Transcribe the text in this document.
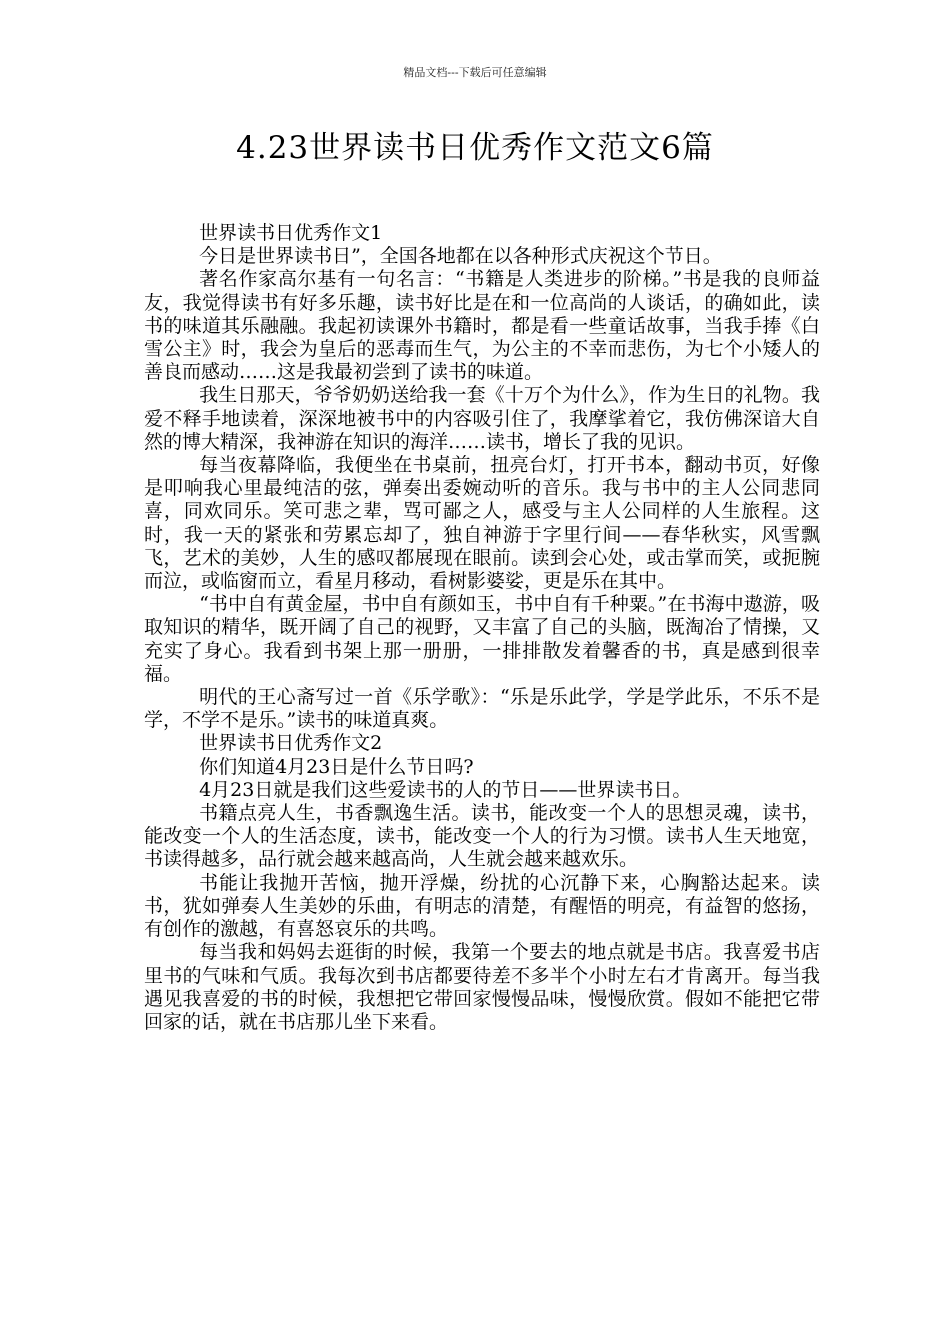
精品文档---下载后可任意编辑
4.23世界读书日优秀作文范文6篇

世界读书日优秀作文1

今日是世界读书日”，全国各地都在以各种形式庆祝这个节日。

著名作家高尔基有一句名言：“书籍是人类进步的阶梯。”书是我的良师益友，我觉得读书有好多乐趣，读书好比是在和一位高尚的人谈话，的确如此，读书的味道其乐融融。我起初读课外书籍时，都是看一些童话故事，当我手捧《白雪公主》时，我会为皇后的恶毒而生气，为公主的不幸而悲伤，为七个小矮人的善良而感动……这是我最初尝到了读书的味道。

我生日那天，爷爷奶奶送给我一套《十万个为什么》，作为生日的礼物。我爱不释手地读着，深深地被书中的内容吸引住了，我摩挲着它，我仿佛深谙大自然的博大精深，我神游在知识的海洋……读书，增长了我的见识。

每当夜幕降临，我便坐在书桌前，扭亮台灯，打开书本，翻动书页，好像是叩响我心里最纯洁的弦，弹奏出委婉动听的音乐。我与书中的主人公同悲同喜，同欢同乐。笑可悲之辈，骂可鄙之人，感受与主人公同样的人生旅程。这时，我一天的紧张和劳累忘却了，独自神游于字里行间——春华秋实，风雪飘飞，艺术的美妙，人生的感叹都展现在眼前。读到会心处，或击掌而笑，或扼腕而泣，或临窗而立，看星月移动，看树影婆娑，更是乐在其中。

“书中自有黄金屋，书中自有颜如玉，书中自有千种粟。”在书海中遨游，吸取知识的精华，既开阔了自己的视野，又丰富了自己的头脑，既淘冶了情操，又充实了身心。我看到书架上那一册册，一排排散发着馨香的书，真是感到很幸福。

明代的王心斋写过一首《乐学歌》：“乐是乐此学，学是学此乐，不乐不是学，不学不是乐。”读书的味道真爽。

世界读书日优秀作文2

你们知道4月23日是什么节日吗?

4月23日就是我们这些爱读书的人的节日——世界读书日。

书籍点亮人生，书香飘逸生活。读书，能改变一个人的思想灵魂，读书，能改变一个人的生活态度，读书，能改变一个人的行为习惯。读书人生天地宽，书读得越多，品行就会越来越高尚，人生就会越来越欢乐。

书能让我抛开苦恼，抛开浮燥，纷扰的心沉静下来，心胸豁达起来。读书，犹如弹奏人生美妙的乐曲，有明志的清楚，有醒悟的明亮，有益智的悠扬，有创作的激越，有喜怒哀乐的共鸣。

每当我和妈妈去逛街的时候，我第一个要去的地点就是书店。我喜爱书店里书的气味和气质。我每次到书店都要待差不多半个小时左右才肯离开。每当我遇见我喜爱的书的时候，我想把它带回家慢慢品味，慢慢欣赏。假如不能把它带回家的话，就在书店那儿坐下来看。
